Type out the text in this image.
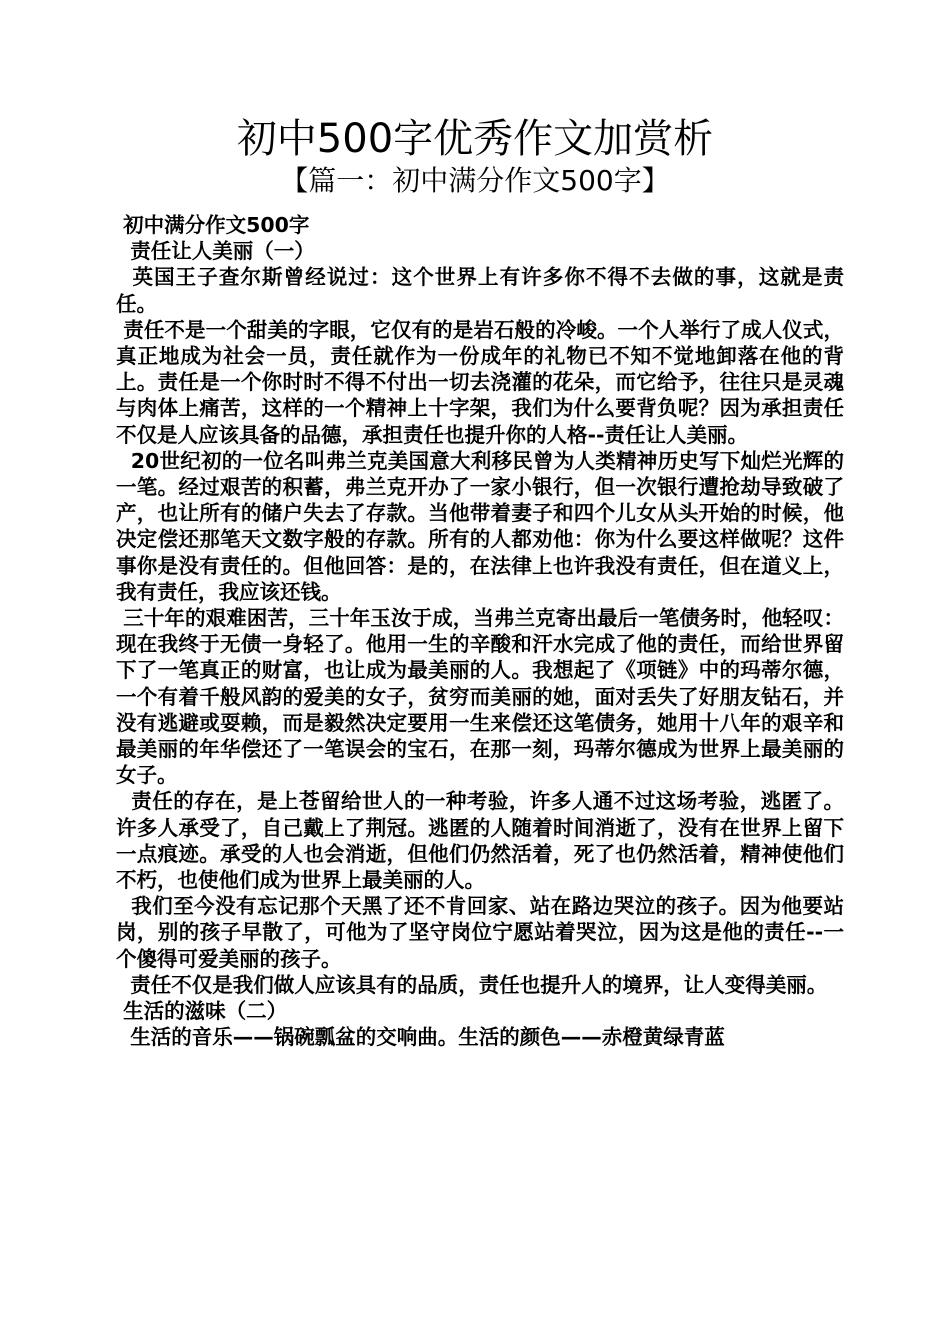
初中500字优秀作文加赏析
【篇一：初中满分作文500字】

初中满分作文500字

责任让人美丽（一）

英国王子查尔斯曾经说过：这个世界上有许多你不得不去做的事，这就是责任。

责任不是一个甜美的字眼，它仅有的是岩石般的冷峻。一个人举行了成人仪式，真正地成为社会一员，责任就作为一份成年的礼物已不知不觉地卸落在他的背上。责任是一个你时时不得不付出一切去浇灌的花朵，而它给予，往往只是灵魂与肉体上痛苦，这样的一个精神上十字架，我们为什么要背负呢？因为承担责任不仅是人应该具备的品德，承担责任也提升你的人格--责任让人美丽。

20世纪初的一位名叫弗兰克美国意大利移民曾为人类精神历史写下灿烂光辉的一笔。经过艰苦的积蓄，弗兰克开办了一家小银行，但一次银行遭抢劫导致破了产，也让所有的储户失去了存款。当他带着妻子和四个儿女从头开始的时候，他决定偿还那笔天文数字般的存款。所有的人都劝他：你为什么要这样做呢？这件事你是没有责任的。但他回答：是的，在法律上也许我没有责任，但在道义上，我有责任，我应该还钱。

三十年的艰难困苦，三十年玉汝于成，当弗兰克寄出最后一笔债务时，他轻叹：现在我终于无债一身轻了。他用一生的辛酸和汗水完成了他的责任，而给世界留下了一笔真正的财富，也让成为最美丽的人。我想起了《项链》中的玛蒂尔德，一个有着千般风韵的爱美的女子，贫穷而美丽的她，面对丢失了好朋友钻石，并没有逃避或耍赖，而是毅然决定要用一生来偿还这笔债务，她用十八年的艰辛和最美丽的年华偿还了一笔误会的宝石，在那一刻，玛蒂尔德成为世界上最美丽的女子。

责任的存在，是上苍留给世人的一种考验，许多人通不过这场考验，逃匿了。许多人承受了，自己戴上了荆冠。逃匿的人随着时间消逝了，没有在世界上留下一点痕迹。承受的人也会消逝，但他们仍然活着，死了也仍然活着，精神使他们不朽，也使他们成为世界上最美丽的人。

我们至今没有忘记那个天黑了还不肯回家、站在路边哭泣的孩子。因为他要站岗，别的孩子早散了，可他为了坚守岗位宁愿站着哭泣，因为这是他的责任--一个傻得可爱美丽的孩子。

责任不仅是我们做人应该具有的品质，责任也提升人的境界，让人变得美丽。

生活的滋味（二）

生活的音乐——锅碗瓢盆的交响曲。生活的颜色——赤橙黄绿青蓝
